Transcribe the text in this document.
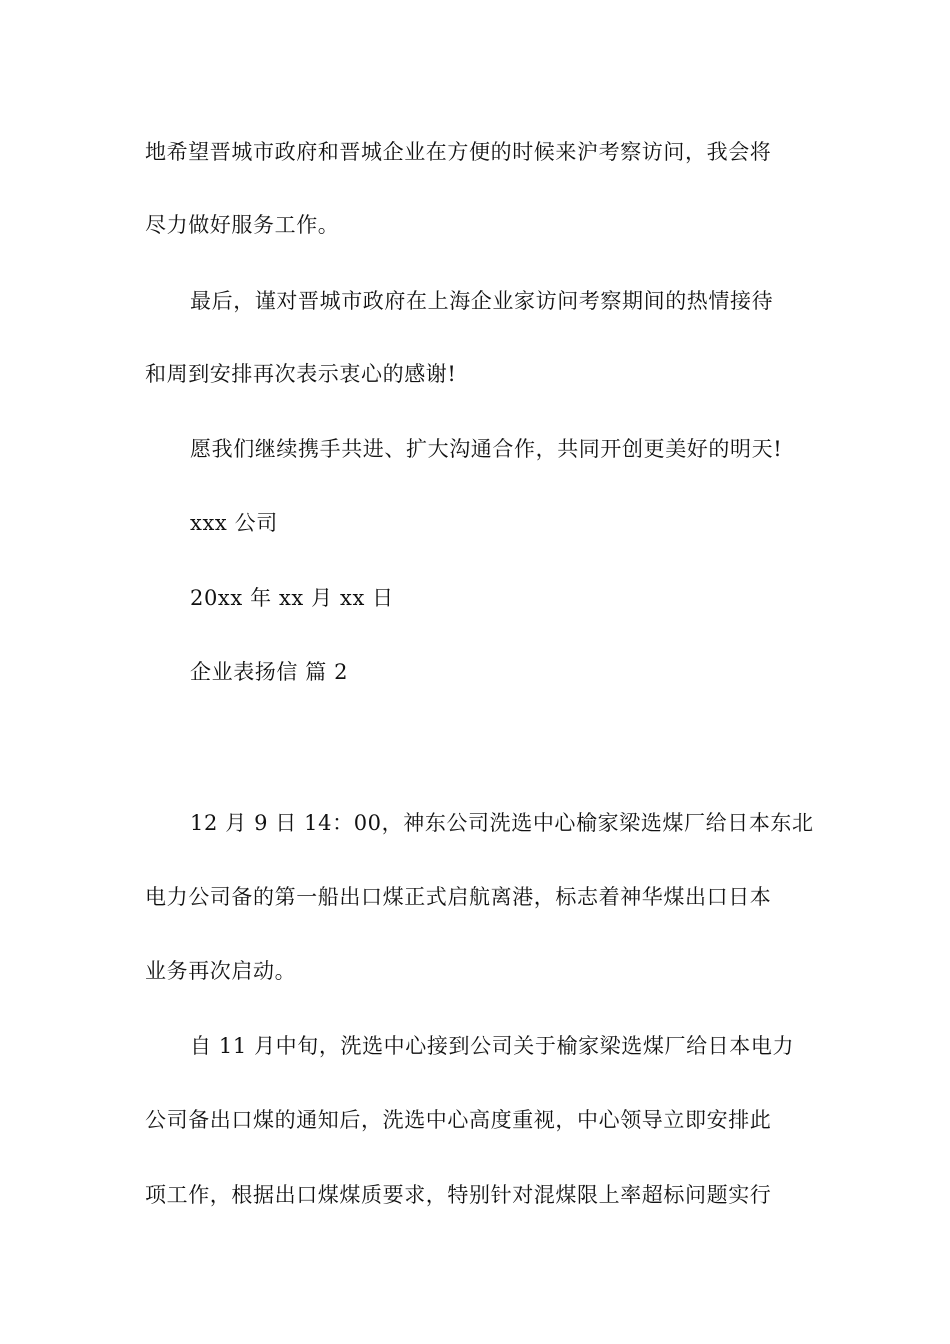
地希望晋城市政府和晋城企业在方便的时候来沪考察访问，我会将
尽力做好服务工作。
最后，谨对晋城市政府在上海企业家访问考察期间的热情接待
和周到安排再次表示衷心的感谢!
愿我们继续携手共进、扩大沟通合作，共同开创更美好的明天!
xxx 公司
20xx 年 xx 月 xx 日
企业表扬信 篇 2
12 月 9 日 14：00，神东公司洗选中心榆家梁选煤厂给日本东北
电力公司备的第一船出口煤正式启航离港，标志着神华煤出口日本
业务再次启动。
自 11 月中旬，洗选中心接到公司关于榆家梁选煤厂给日本电力
公司备出口煤的通知后，洗选中心高度重视，中心领导立即安排此
项工作，根据出口煤煤质要求，特别针对混煤限上率超标问题实行
